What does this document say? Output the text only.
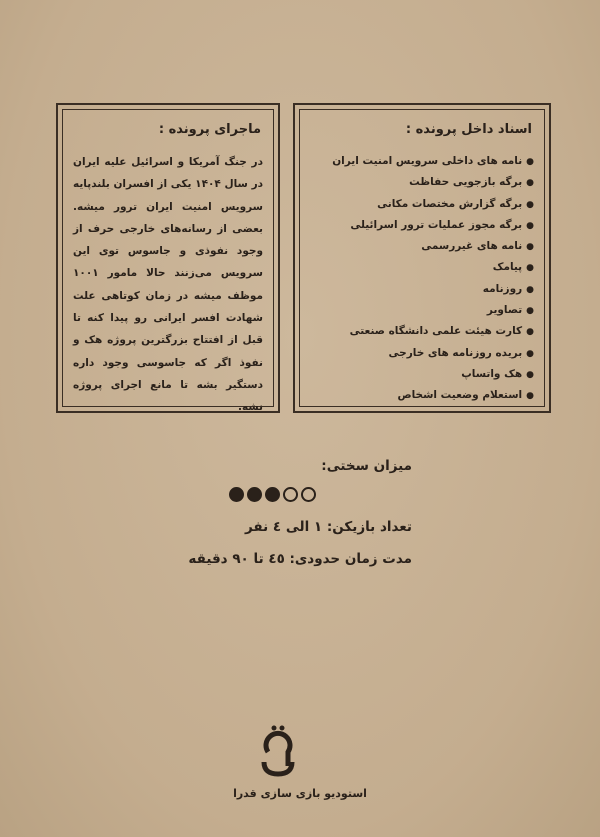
اسناد داخل پرونده :
●نامه های داخلی سرویس امنیت ایران
●برگه بازجویی حفاظت
●برگه گزارش مختصات مکانی
●برگه مجوز عملیات ترور اسرائیلی
●نامه های غیررسمی
●پیامک
●روزنامه
●تصاویر
●کارت هیئت علمی دانشگاه صنعتی
●بریده روزنامه های خارجی
●هک واتساپ
●استعلام وضعیت اشخاص
ماجرای پرونده :
در جنگ آمریکا و اسرائیل علیه ایران در سال ۱۴۰۴ یکی از افسران بلندپایه سرویس امنیت ایران ترور میشه. بعضی از رسانه‌های خارجی حرف از وجود نفوذی و جاسوس توی این سرویس می‌زنند حالا مامور ۱۰۰۱ موظف میشه در زمان کوتاهی علت شهادت افسر ایرانی رو پیدا کنه تا قبل از افتتاح بزرگترین پروژه هک و نفوذ اگر که جاسوسی وجود داره دستگیر بشه تا مانع اجرای پروژه نشه.
میزان سختی:
تعداد بازیکن: ۱ الی ٤ نفر
مدت زمان حدودی: ٤٥ تا ۹۰ دقیقه
استودیو بازی سازی قدرا
